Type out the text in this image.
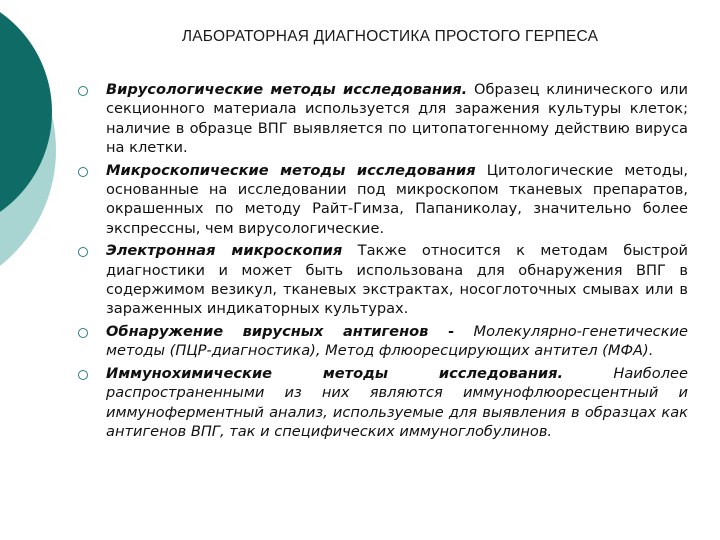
ЛАБОРАТОРНАЯ ДИАГНОСТИКА ПРОСТОГО ГЕРПЕСА
Вирусологические методы исследования. Образец клинического или секционного материала используется для заражения культуры клеток; наличие в образце ВПГ выявляется по цитопатогенному действию вируса на клетки.
Микроскопические методы исследования Цитологические методы, основанные на исследовании под микроскопом тканевых препаратов, окрашенных по методу Райт-Гимза, Папаниколау, значительно более экспрессны, чем вирусологические.
Электронная микроскопия Также относится к методам быстрой диагностики и может быть использована для обнаружения ВПГ в содержимом везикул, тканевых экстрактах, носоглоточных смывах или в зараженных индикаторных культурах.
Обнаружение вирусных антигенов - Молекулярно-генетические методы (ПЦР-диагностика), Метод флюоресцирующих антител (МФА).
Иммунохимические методы исследования. Наиболее распространенными из них являются иммунофлюоресцентный и иммуноферментный анализ, используемые для выявления в образцах как антигенов ВПГ, так и специфических иммуноглобулинов.
